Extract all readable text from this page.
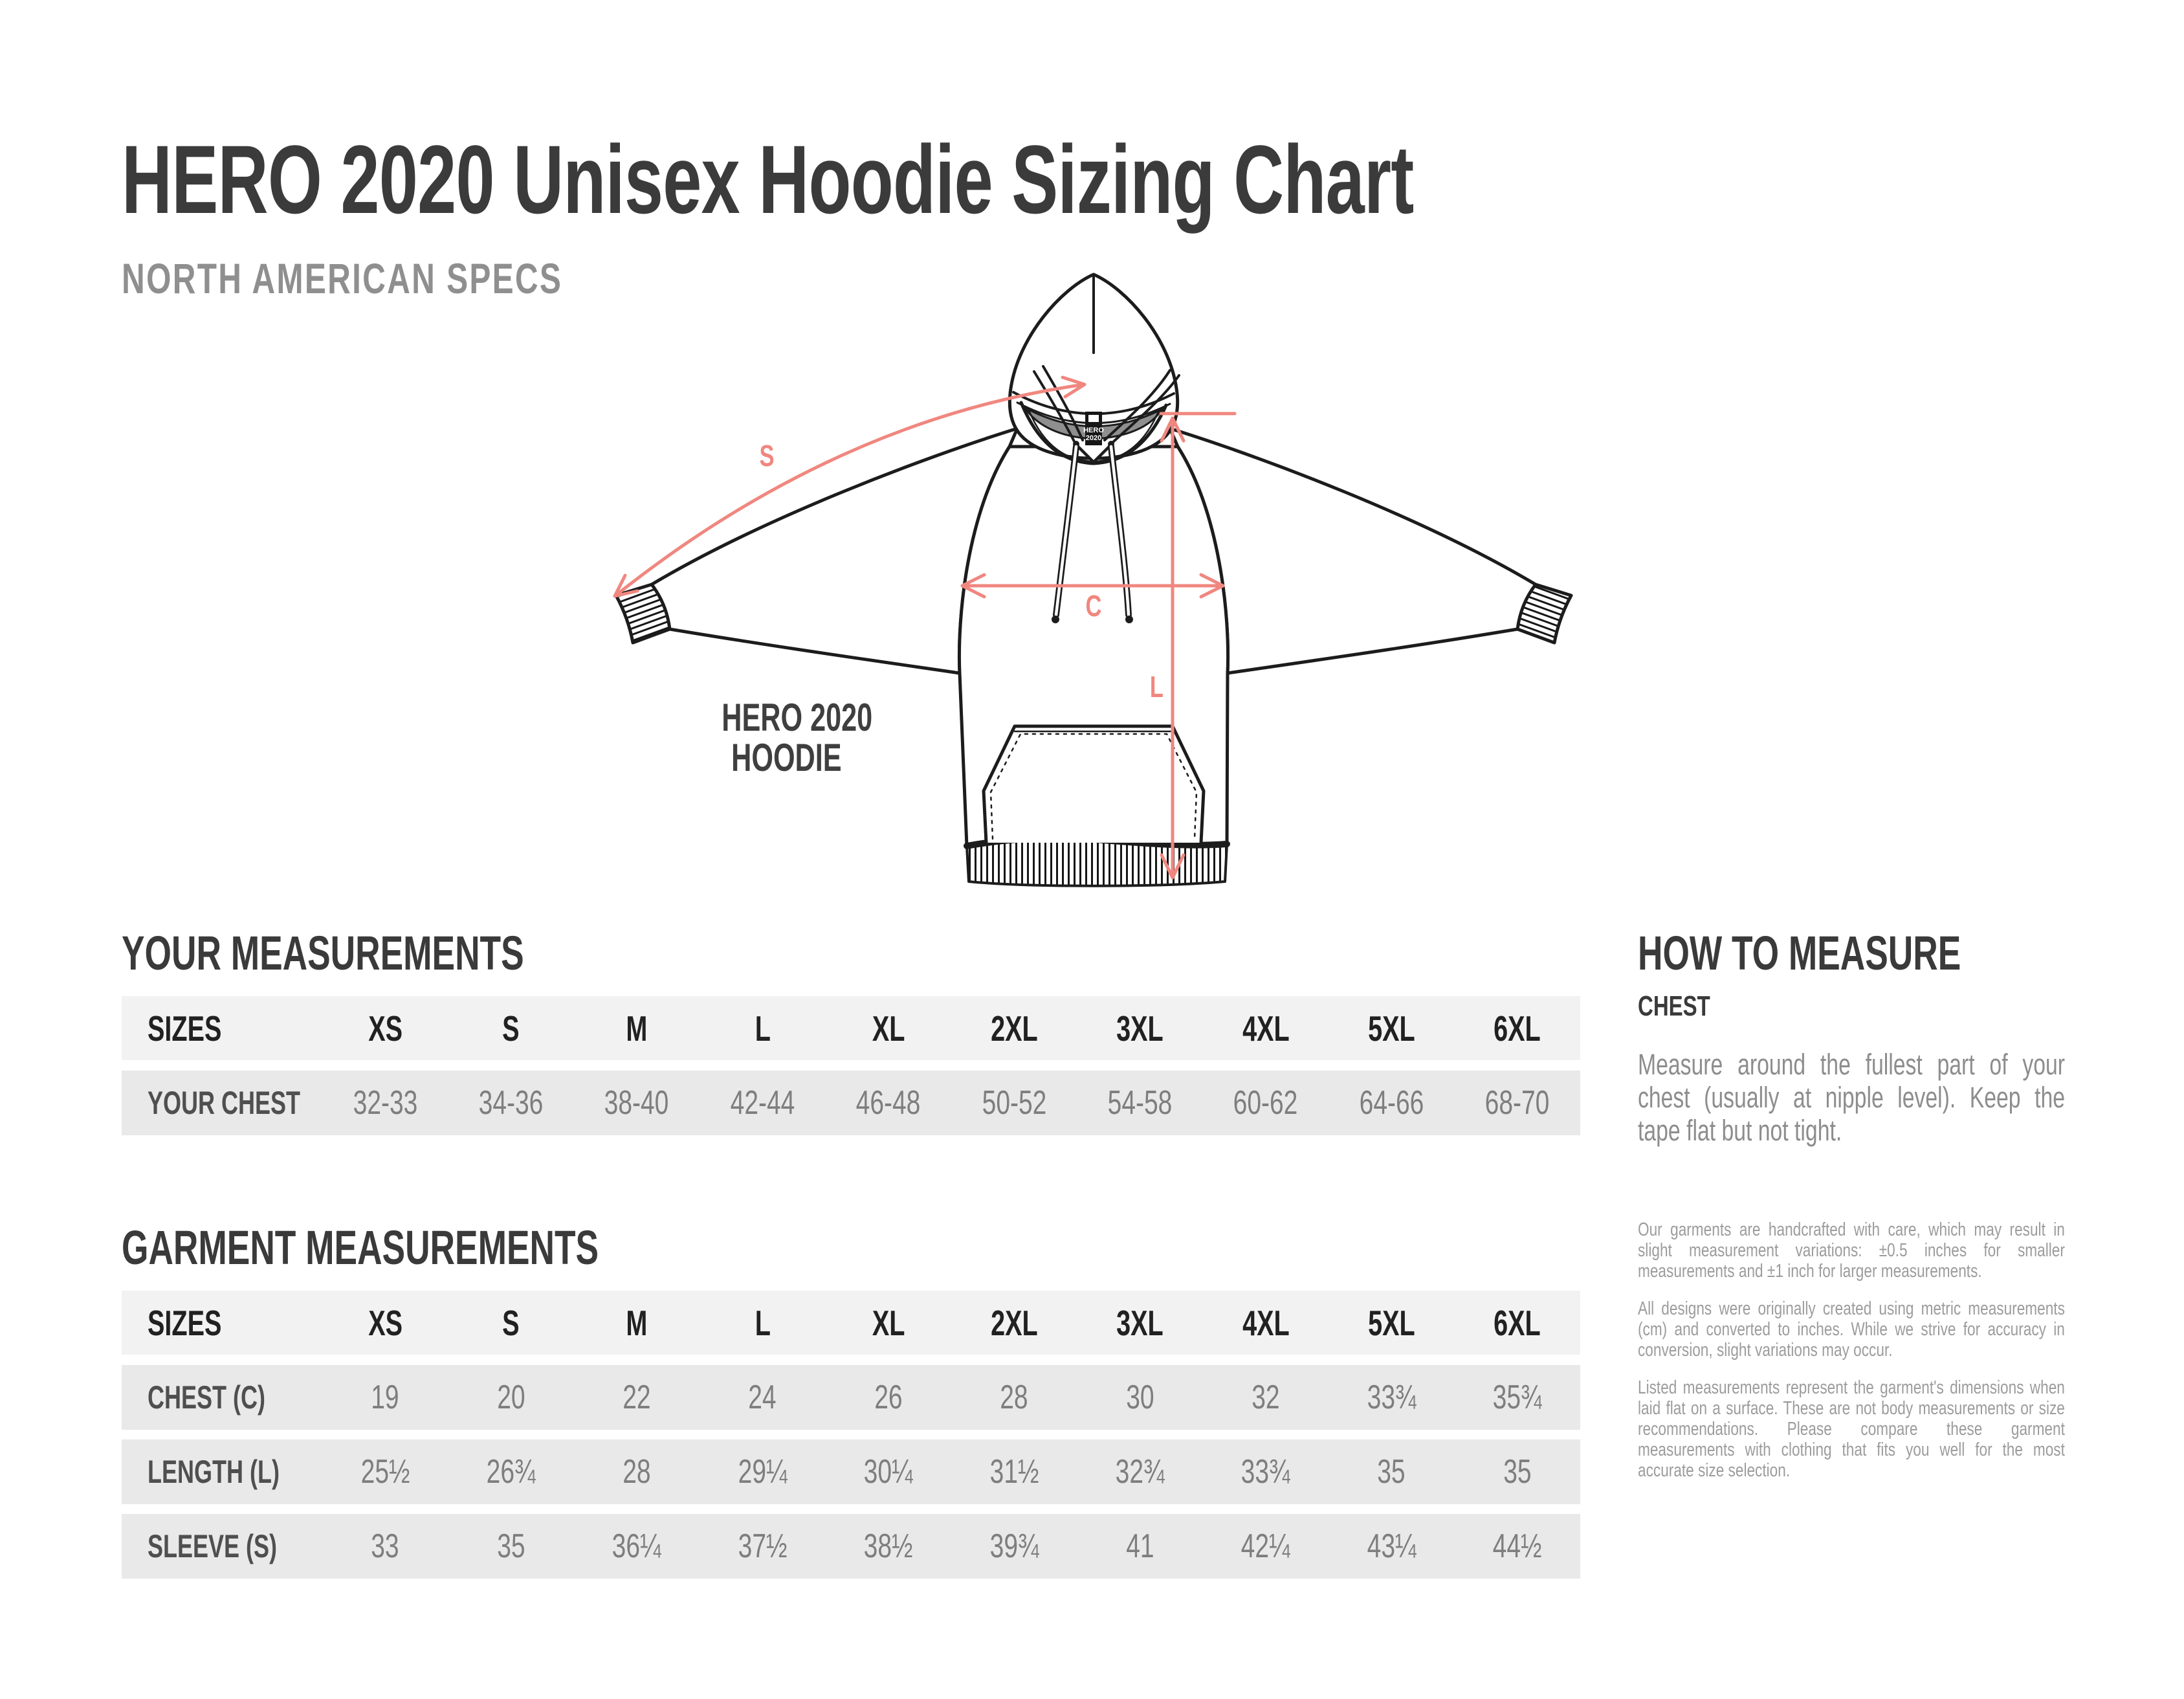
HERO 2020 Unisex Hoodie Sizing Chart
NORTH AMERICAN SPECS
HERO
2020
S
C
L
HERO 2020
HOODIE
YOUR MEASUREMENTS
SIZES	XS	S	M	L	XL	2XL	3XL	4XL	5XL	6XL
YOUR CHEST	32-33	34-36	38-40	42-44	46-48	50-52	54-58	60-62	64-66	68-70
GARMENT MEASUREMENTS
SIZES	XS	S	M	L	XL	2XL	3XL	4XL	5XL	6XL
CHEST (C)	19	20	22	24	26	28	30	32	33¾	35¾
LENGTH (L)	25½	26¾	28	29¼	30¼	31½	32¾	33¾	35	35
SLEEVE (S)	33	35	36¼	37½	38½	39¾	41	42¼	43¼	44½
HOW TO MEASURE
CHEST
Measure around the fullest part of your chest (usually at nipple level). Keep the tape flat but not tight.
Our garments are handcrafted with care, which may result in slight measurement variations: ±0.5 inches for smaller measurements and ±1 inch for larger measurements.
All designs were originally created using metric measurements (cm) and converted to inches. While we strive for accuracy in conversion, slight variations may occur.
Listed measurements represent the garment's dimensions when laid flat on a surface. These are not body measurements or size recommendations. Please compare these garment measurements with clothing that fits you well for the most accurate size selection.
